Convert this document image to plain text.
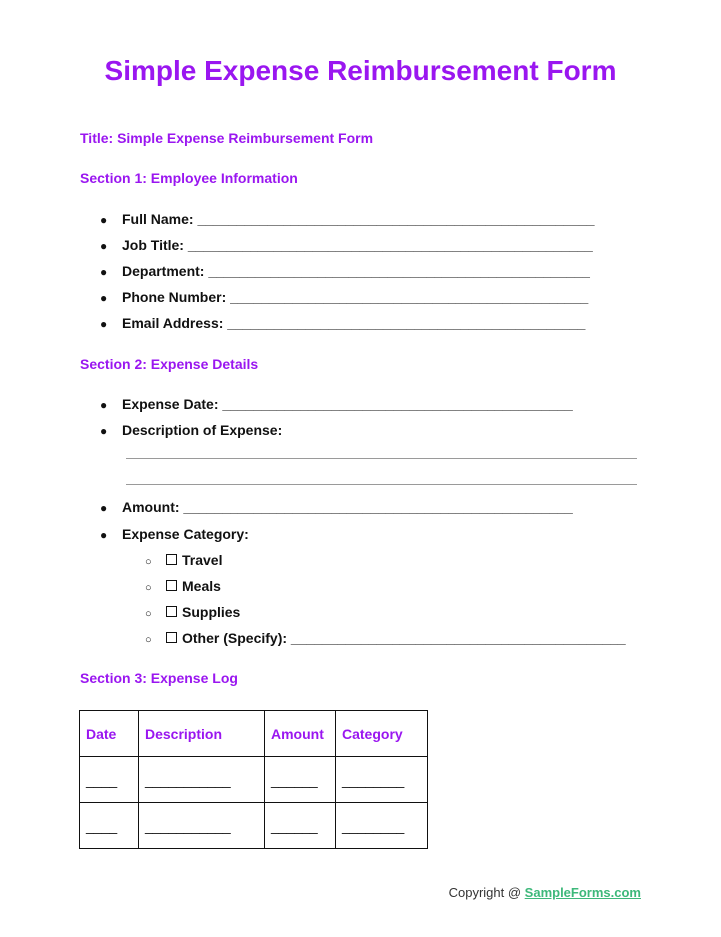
Simple Expense Reimbursement Form

Title: Simple Expense Reimbursement Form

Section 1: Employee Information

● Full Name: ___________________________________________________
● Job Title: ____________________________________________________
● Department: _________________________________________________
● Phone Number: ______________________________________________
● Email Address: ______________________________________________

Section 2: Expense Details

● Expense Date: _____________________________________________
● Description of Expense:
● Amount: __________________________________________________
● Expense Category:
○ Travel
○ Meals
○ Supplies
○ Other (Specify): ___________________________________________

Section 3: Expense Log

Date	Description	Amount	Category
____	___________	______	________
____	___________	______	________
Copyright @ SampleForms.com
